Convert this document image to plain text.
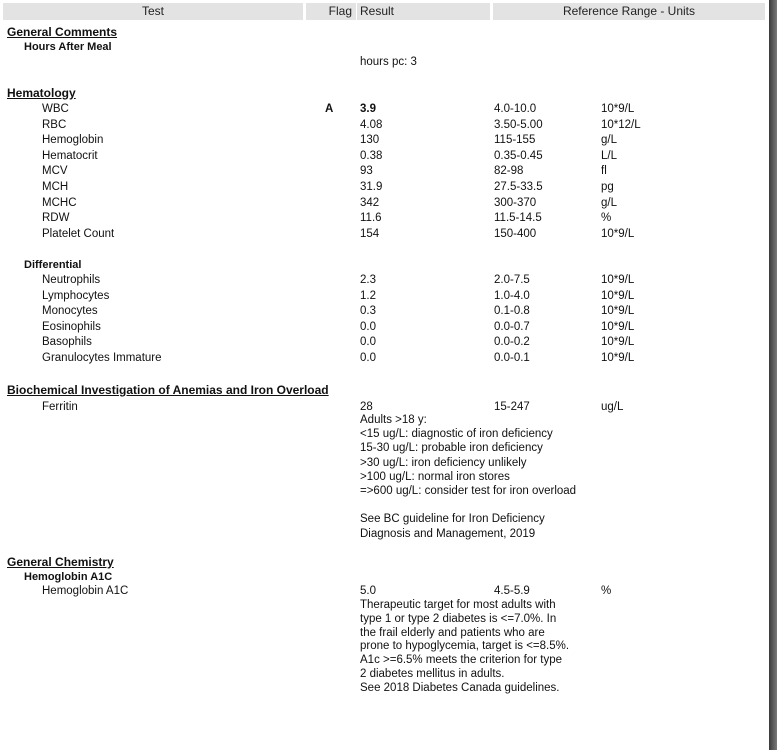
Test	Flag Result	Reference Range - Units
General Comments
Hours After Meal
hours pc: 3
Hematology
WBC	A 3.9	4.0-10.0	10*9/L
RBC	4.08	3.50-5.00	10*12/L
Hemoglobin	130	115-155	g/L
Hematocrit	0.38	0.35-0.45	L/L
MCV	93	82-98	fl
MCH	31.9	27.5-33.5	pg
MCHC	342	300-370	g/L
RDW	11.6	11.5-14.5	%
Platelet Count	154	150-400	10*9/L
Differential
Neutrophils	2.3	2.0-7.5	10*9/L
Lymphocytes	1.2	1.0-4.0	10*9/L
Monocytes	0.3	0.1-0.8	10*9/L
Eosinophils	0.0	0.0-0.7	10*9/L
Basophils	0.0	0.0-0.2	10*9/L
Granulocytes Immature	0.0	0.0-0.1	10*9/L
Biochemical Investigation of Anemias and Iron Overload
Ferritin	28	15-247	ug/L
Adults >18 y:
<15 ug/L: diagnostic of iron deficiency
15-30 ug/L: probable iron deficiency
>30 ug/L: iron deficiency unlikely
>100 ug/L: normal iron stores
=>600 ug/L: consider test for iron overload
See BC guideline for Iron Deficiency
Diagnosis and Management, 2019
General Chemistry
Hemoglobin A1C
Hemoglobin A1C	5.0	4.5-5.9	%
Therapeutic target for most adults with
type 1 or type 2 diabetes is <=7.0%. In
the frail elderly and patients who are
prone to hypoglycemia, target is <=8.5%.
A1c >=6.5% meets the criterion for type
2 diabetes mellitus in adults.
See 2018 Diabetes Canada guidelines.
